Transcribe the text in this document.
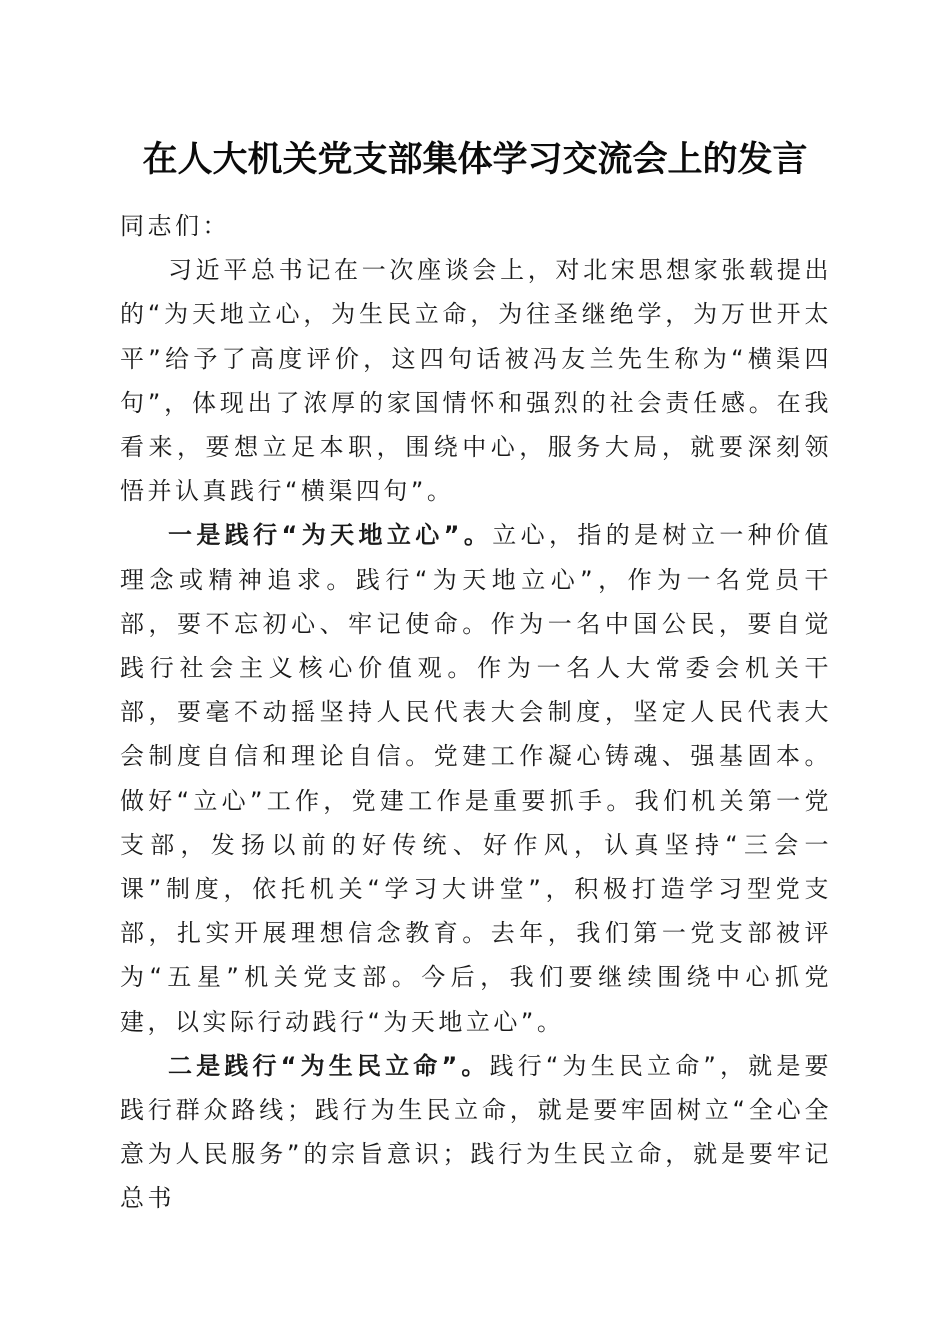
在人大机关党支部集体学习交流会上的发言

同志们：

习近平总书记在一次座谈会上，对北宋思想家张载提出的“为天地立心，为生民立命，为往圣继绝学，为万世开太平”给予了高度评价，这四句话被冯友兰先生称为“横渠四句”，体现出了浓厚的家国情怀和强烈的社会责任感。在我看来，要想立足本职，围绕中心，服务大局，就要深刻领悟并认真践行“横渠四句”。

一是践行“为天地立心”。立心，指的是树立一种价值理念或精神追求。践行“为天地立心”，作为一名党员干部，要不忘初心、牢记使命。作为一名中国公民，要自觉践行社会主义核心价值观。作为一名人大常委会机关干部，要毫不动摇坚持人民代表大会制度，坚定人民代表大会制度自信和理论自信。党建工作凝心铸魂、强基固本。做好“立心”工作，党建工作是重要抓手。我们机关第一党支部，发扬以前的好传统、好作风，认真坚持“三会一课”制度，依托机关“学习大讲堂”，积极打造学习型党支部，扎实开展理想信念教育。去年，我们第一党支部被评为“五星”机关党支部。今后，我们要继续围绕中心抓党建，以实际行动践行“为天地立心”。

二是践行“为生民立命”。践行“为生民立命”，就是要践行群众路线；践行为生民立命，就是要牢固树立“全心全意为人民服务”的宗旨意识；践行为生民立命，就是要牢记总书
